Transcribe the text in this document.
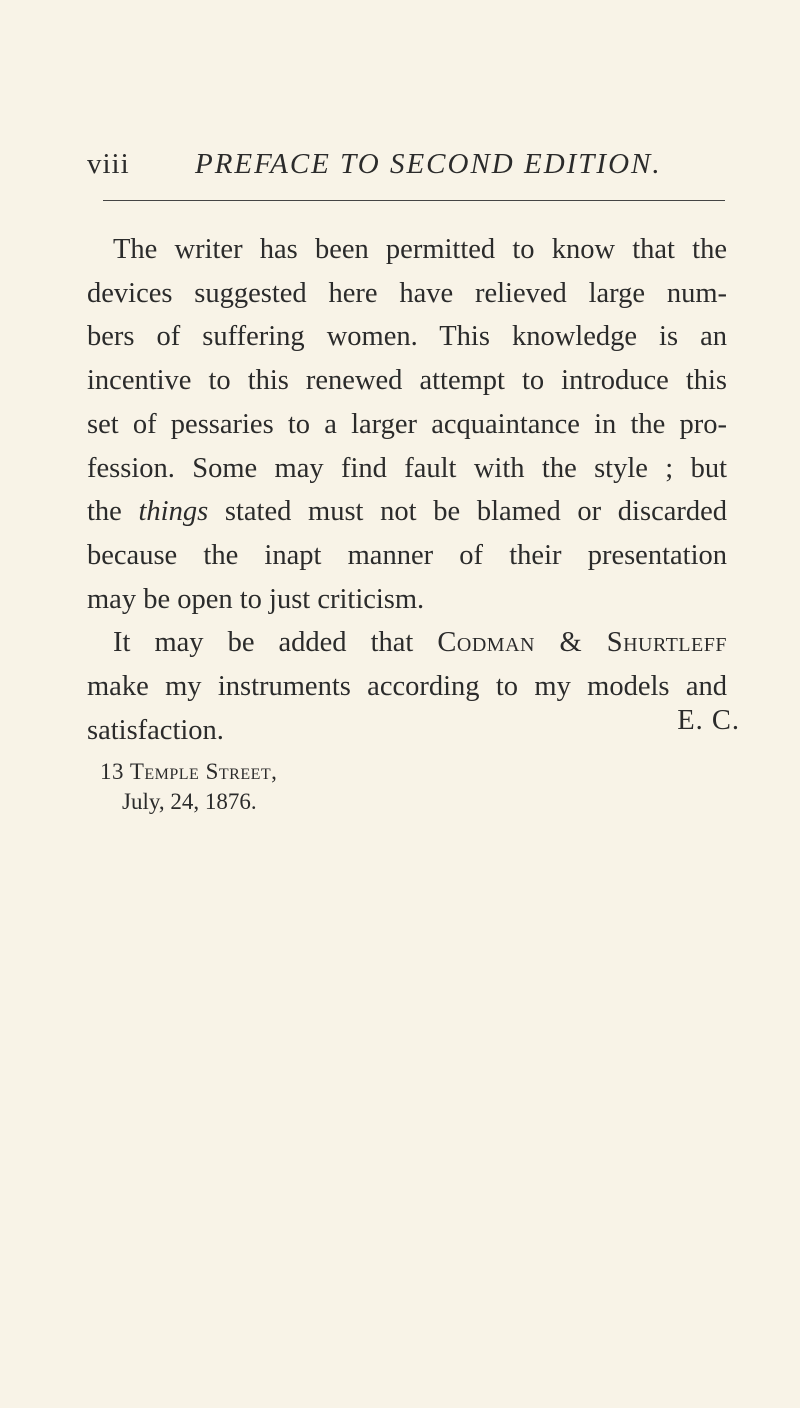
viii PREFACE TO SECOND EDITION.

The writer has been permitted to know that the
devices suggested here have relieved large num-
bers of suffering women. This knowledge is an
incentive to this renewed attempt to introduce this
set of pessaries to a larger acquaintance in the pro-
fession. Some may find fault with the style ; but
the things stated must not be blamed or discarded
because the inapt manner of their presentation
may be open to just criticism.

It may be added that Codman & Shurtleff
make my instruments according to my models and
satisfaction.	E. C.
13 Temple Street,
July, 24, 1876.
